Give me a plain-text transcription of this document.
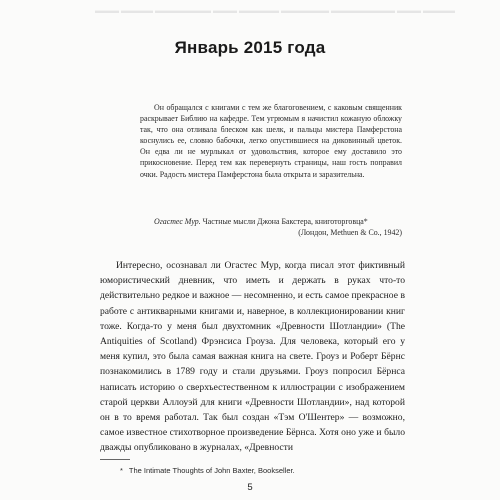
▬▬▬ ▬▬▬▬ ▬▬▬▬▬▬▬ ▬▬▬ ▬▬▬▬▬ ▬▬▬▬▬▬ ▬▬▬▬▬▬▬▬ ▬▬▬ ▬▬▬▬
Январь 2015 года

Он обращался с книгами с тем же благоговением, с каковым священник раскрывает Библию на кафедре. Тем угрюмым я начистил кожаную обложку так, что она отливала блеском как шелк, и пальцы мистера Памферстона коснулись ее, словно бабочки, легко опустившиеся на диковинный цветок. Он едва ли не мурлыкал от удовольствия, которое ему доставило это прикосновение. Перед тем как перевернуть страницы, наш гость поправил очки. Радость мистера Памферстона была открыта и заразительна.

Огастес Мур. Частные мысли Джона Бакстера, книготорговца*
(Лондон, Methuen & Co., 1942)

Интересно, осознавал ли Огастес Мур, когда писал этот фиктивный юмористический дневник, что иметь и держать в руках что-то действительно редкое и важное — несомненно, и есть самое прекрасное в работе с антикварными книгами и, наверное, в коллекционировании книг тоже. Когда-то у меня был двухтомник «Древности Шотландии» (The Antiquities of Scotland) Фрэнсиса Гроуза. Для человека, который его у меня купил, это была самая важная книга на свете. Гроуз и Роберт Бёрнс познакомились в 1789 году и стали друзьями. Гроуз попросил Бёрнса написать историю о сверхъестественном к иллюстрации с изображением старой церкви Аллоуэй для книги «Древности Шотландии», над которой он в то время работал. Так был создан «Тэм О'Шентер» — возможно, самое известное стихотворное произведение Бёрнса. Хотя оно уже и было дважды опубликовано в журналах, «Древности

* The Intimate Thoughts of John Baxter, Bookseller.
5
